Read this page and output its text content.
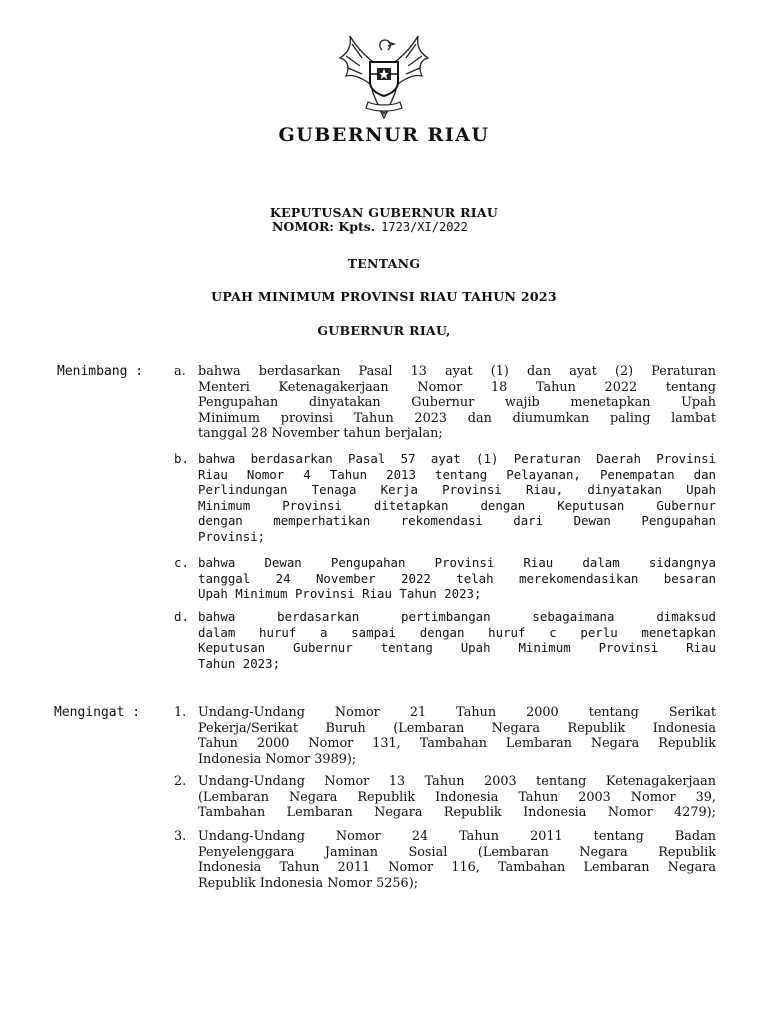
GUBERNUR RIAU
KEPUTUSAN GUBERNUR RIAU
NOMOR: Kpts. 1723/XI/2022
TENTANG
UPAH MINIMUM PROVINSI RIAU TAHUN 2023
GUBERNUR RIAU,
Menimbang : a. bahwa berdasarkan Pasal 13 ayat (1) dan ayat (2) Peraturan
Menteri Ketenagakerjaan Nomor 18 Tahun 2022 tentang
Pengupahan dinyatakan Gubernur wajib menetapkan Upah
Minimum provinsi Tahun 2023 dan diumumkan paling lambat
tanggal 28 November tahun berjalan;
b. bahwa berdasarkan Pasal 57 ayat (1) Peraturan Daerah Provinsi
Riau Nomor 4 Tahun 2013 tentang Pelayanan, Penempatan dan
Perlindungan Tenaga Kerja Provinsi Riau, dinyatakan Upah
Minimum Provinsi ditetapkan dengan Keputusan Gubernur
dengan memperhatikan rekomendasi dari Dewan Pengupahan
Provinsi;
c. bahwa Dewan Pengupahan Provinsi Riau dalam sidangnya
tanggal 24 November 2022 telah merekomendasikan besaran
Upah Minimum Provinsi Riau Tahun 2023;
d. bahwa berdasarkan pertimbangan sebagaimana dimaksud
dalam huruf a sampai dengan huruf c perlu menetapkan
Keputusan Gubernur tentang Upah Minimum Provinsi Riau
Tahun 2023;
Mengingat :	1. Undang-Undang Nomor 21 Tahun 2000 tentang Serikat
Pekerja/Serikat Buruh (Lembaran Negara Republik Indonesia
Tahun 2000 Nomor 131, Tambahan Lembaran Negara Republik
Indonesia Nomor 3989);
2. Undang-Undang Nomor 13 Tahun 2003 tentang Ketenagakerjaan
(Lembaran Negara Republik Indonesia Tahun 2003 Nomor 39,
Tambahan Lembaran Negara Republik Indonesia Nomor 4279);
3. Undang-Undang Nomor 24 Tahun 2011 tentang Badan
Penyelenggara Jaminan Sosial (Lembaran Negara Republik
Indonesia Tahun 2011 Nomor 116, Tambahan Lembaran Negara
Republik Indonesia Nomor 5256);
